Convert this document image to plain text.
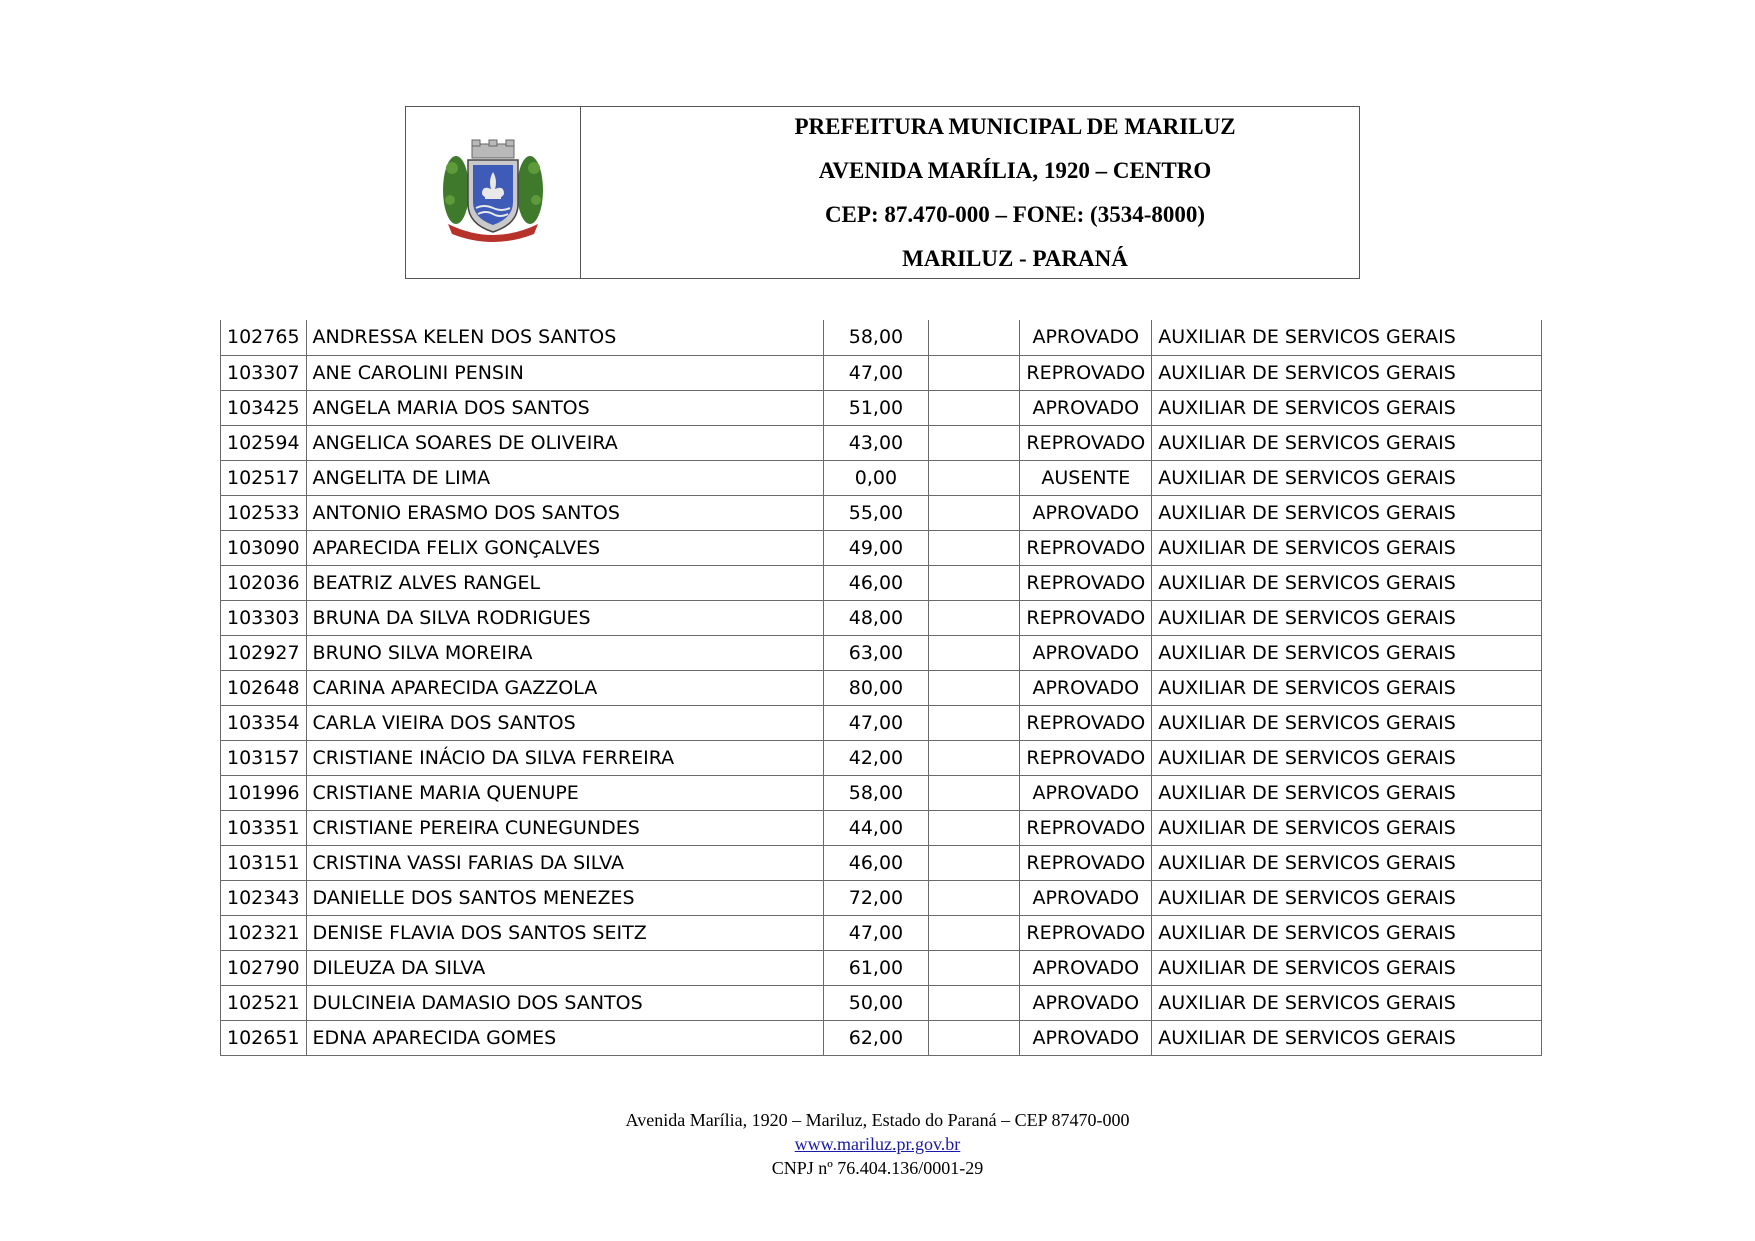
PREFEITURA MUNICIPAL DE MARILUZ
AVENIDA MARÍLIA, 1920 – CENTRO
CEP: 87.470-000 – FONE: (3534-8000)
MARILUZ - PARANÁ
102765	ANDRESSA KELEN DOS SANTOS	58,00		APROVADO	AUXILIAR DE SERVICOS GERAIS
103307	ANE CAROLINI PENSIN	47,00		REPROVADO	AUXILIAR DE SERVICOS GERAIS
103425	ANGELA MARIA DOS SANTOS	51,00		APROVADO	AUXILIAR DE SERVICOS GERAIS
102594	ANGELICA SOARES DE OLIVEIRA	43,00		REPROVADO	AUXILIAR DE SERVICOS GERAIS
102517	ANGELITA DE LIMA	0,00		AUSENTE	AUXILIAR DE SERVICOS GERAIS
102533	ANTONIO ERASMO DOS SANTOS	55,00		APROVADO	AUXILIAR DE SERVICOS GERAIS
103090	APARECIDA FELIX GONÇALVES	49,00		REPROVADO	AUXILIAR DE SERVICOS GERAIS
102036	BEATRIZ ALVES RANGEL	46,00		REPROVADO	AUXILIAR DE SERVICOS GERAIS
103303	BRUNA DA SILVA RODRIGUES	48,00		REPROVADO	AUXILIAR DE SERVICOS GERAIS
102927	BRUNO SILVA MOREIRA	63,00		APROVADO	AUXILIAR DE SERVICOS GERAIS
102648	CARINA APARECIDA GAZZOLA	80,00		APROVADO	AUXILIAR DE SERVICOS GERAIS
103354	CARLA VIEIRA DOS SANTOS	47,00		REPROVADO	AUXILIAR DE SERVICOS GERAIS
103157	CRISTIANE INÁCIO DA SILVA FERREIRA	42,00		REPROVADO	AUXILIAR DE SERVICOS GERAIS
101996	CRISTIANE MARIA QUENUPE	58,00		APROVADO	AUXILIAR DE SERVICOS GERAIS
103351	CRISTIANE PEREIRA CUNEGUNDES	44,00		REPROVADO	AUXILIAR DE SERVICOS GERAIS
103151	CRISTINA VASSI FARIAS DA SILVA	46,00		REPROVADO	AUXILIAR DE SERVICOS GERAIS
102343	DANIELLE DOS SANTOS MENEZES	72,00		APROVADO	AUXILIAR DE SERVICOS GERAIS
102321	DENISE FLAVIA DOS SANTOS SEITZ	47,00		REPROVADO	AUXILIAR DE SERVICOS GERAIS
102790	DILEUZA DA SILVA	61,00		APROVADO	AUXILIAR DE SERVICOS GERAIS
102521	DULCINEIA DAMASIO DOS SANTOS	50,00		APROVADO	AUXILIAR DE SERVICOS GERAIS
102651	EDNA APARECIDA GOMES	62,00		APROVADO	AUXILIAR DE SERVICOS GERAIS
Avenida Marília, 1920 – Mariluz, Estado do Paraná – CEP 87470-000
www.mariluz.pr.gov.br
CNPJ nº 76.404.136/0001-29
